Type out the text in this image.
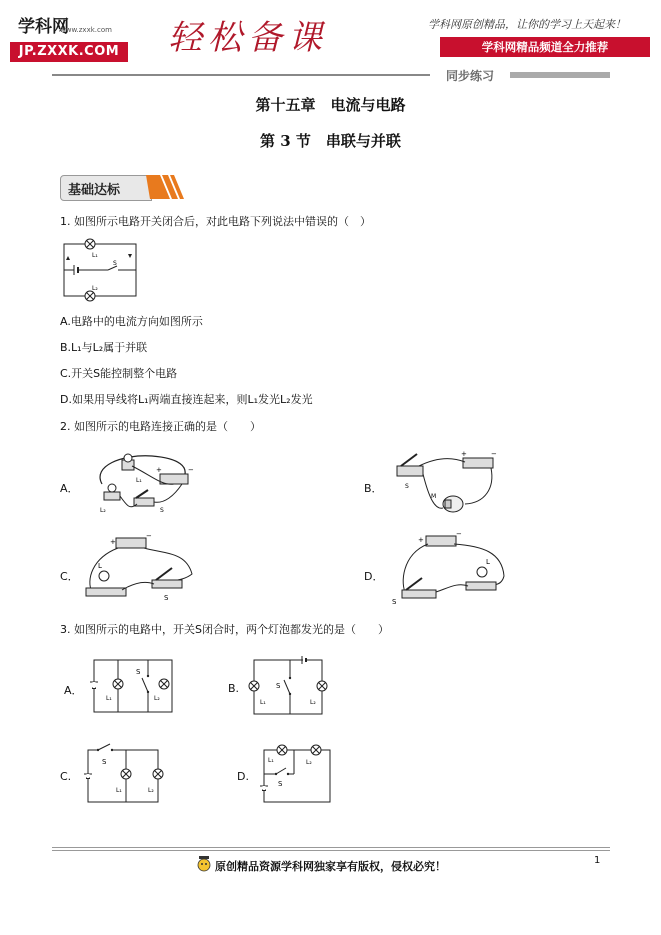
学科网
www.zxxk.com
JP.ZXXK.COM 轻松备课	学科网原创精品，让你的学习上天起来！
学科网精品频道全力推荐
同步练习
第十五章　电流与电路
第 3 节　串联与并联
基础达标
1. 如图所示电路开关闭合后，对此电路下列说法中错误的（　）
L₁
L₂
S
A.电路中的电流方向如图所示
B.L₁与L₂属于并联
C.开关S能控制整个电路
D.如果用导线将L₁两端直接连起来，则L₁发光L₂发光
2. 如图所示的电路连接正确的是（　　）
A．
+	−
L₁
L₂	S
B．
+	−
S
M
C．
+
−
L
S
D．
+
−
L
S
3. 如图所示的电路中，开关S闭合时，两个灯泡都发光的是（　　）
A．
S
L₁	L₂
B.	S
L₁	L₂
C.
S
L₁	L₂
D.
S
L₁	L₂
原创精品资源学科网独家享有版权，侵权必究！	1
